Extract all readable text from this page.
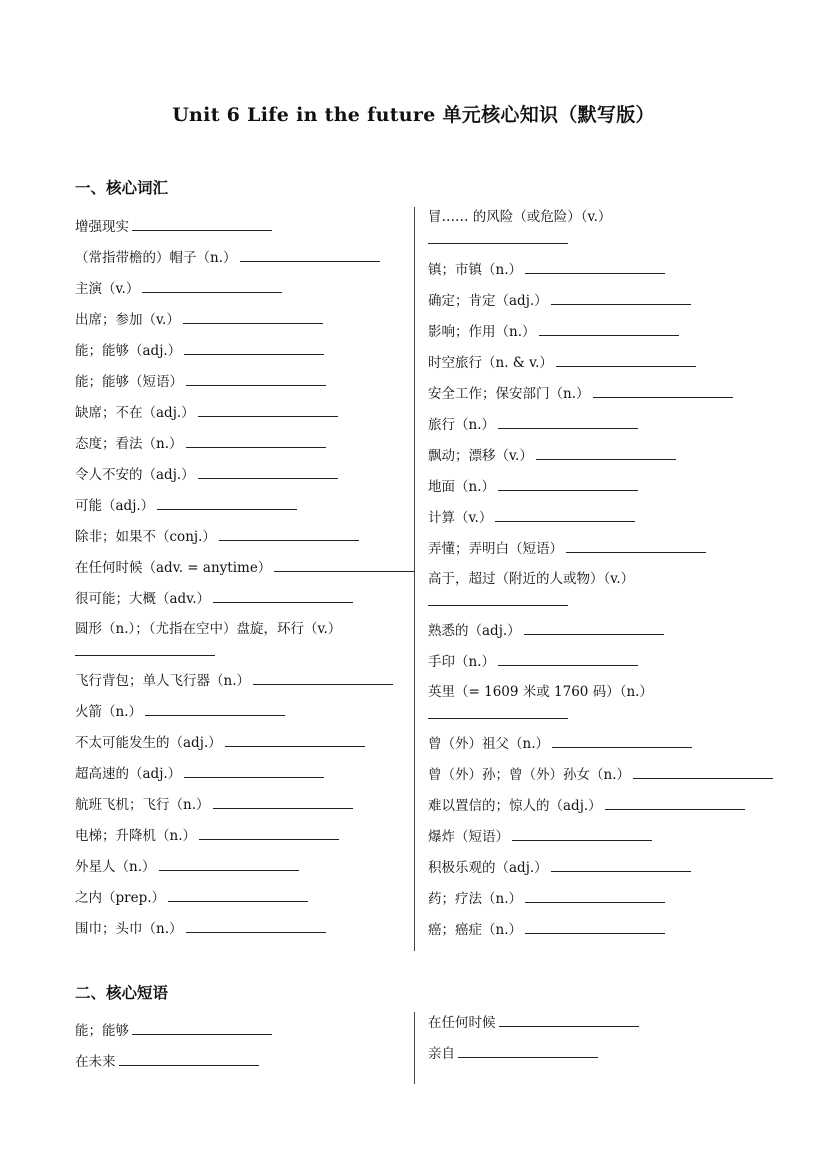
Unit 6 Life in the future 单元核心知识（默写版）
一、核心词汇
增强现实
（常指带檐的）帽子（n.）
主演（v.）
出席；参加（v.）
能；能够（adj.）
能；能够（短语）
缺席；不在（adj.）
态度；看法（n.）
令人不安的（adj.）
可能（adj.）
除非；如果不（conj.）
在任何时候（adv. = anytime）
很可能；大概（adv.）
圆形（n.）；（尤指在空中）盘旋，环行（v.）
飞行背包；单人飞行器（n.）
火箭（n.）
不太可能发生的（adj.）
超高速的（adj.）
航班飞机；飞行（n.）
电梯；升降机（n.）
外星人（n.）
之内（prep.）
围巾；头巾（n.）
冒…… 的风险（或危险）（v.）
镇；市镇（n.）
确定；肯定（adj.）
影响；作用（n.）
时空旅行（n. & v.）
安全工作；保安部门（n.）
旅行（n.）
飘动；漂移（v.）
地面（n.）
计算（v.）
弄懂；弄明白（短语）
高于，超过（附近的人或物）（v.）
熟悉的（adj.）
手印（n.）
英里（= 1609 米或 1760 码）（n.）
曾（外）祖父（n.）
曾（外）孙；曾（外）孙女（n.）
难以置信的；惊人的（adj.）
爆炸（短语）
积极乐观的（adj.）
药；疗法（n.）
癌；癌症（n.）
二、核心短语
能；能够
在未来
在任何时候
亲自
